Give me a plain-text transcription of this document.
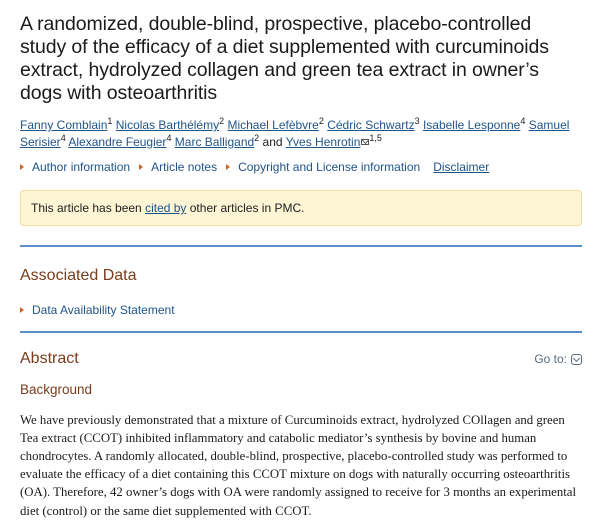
A randomized, double-blind, prospective, placebo-controlled study of the efficacy of a diet supplemented with curcuminoids extract, hydrolyzed collagen and green tea extract in owner’s dogs with osteoarthritis
Fanny Comblain$^1$ Nicolas Barthélémy$^2$ Michael Lefèbvre$^2$ Cédric Schwartz$^3$ Isabelle Lesponne$^4$ Samuel Serisier$^4$ Alexandre Feugier$^4$ Marc Balligand$^2$ and Yves Henrotin $^{1,5}$
Author information Article notes Copyright and License information Disclaimer
This article has been cited by other articles in PMC.
Associated Data
Data Availability Statement
Abstract	Go to:
Background

We have previously demonstrated that a mixture of Curcuminoids extract, hydrolyzed COllagen and green Tea extract (CCOT) inhibited inflammatory and catabolic mediator’s synthesis by bovine and human chondrocytes. A randomly allocated, double-blind, prospective, placebo-controlled study was performed to evaluate the efficacy of a diet containing this CCOT mixture on dogs with naturally occurring osteoarthritis (OA). Therefore, 42 owner’s dogs with OA were randomly assigned to receive for 3 months an experimental diet (control) or the same diet supplemented with CCOT.
